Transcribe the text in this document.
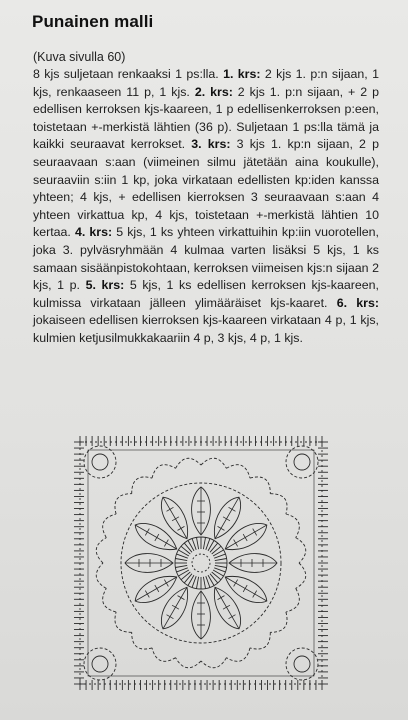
Punainen malli
(Kuva sivulla 60)
8 kjs suljetaan renkaaksi 1 ps:lla. 1. krs: 2 kjs 1. p:n sijaan, 1 kjs, renkaaseen 11 p, 1 kjs. 2. krs: 2 kjs 1. p:n sijaan, + 2 p edellisen kerroksen kjs-kaareen, 1 p edellisenkerroksen p:een, toistetaan +-merkistä lähtien (36 p). Suljetaan 1 ps:lla tämä ja kaikki seuraavat kerrokset. 3. krs: 3 kjs 1. kp:n sijaan, 2 p seuraavaan s:aan (viimeinen silmu jätetään aina koukulle), seuraaviin s:iin 1 kp, joka virkataan edellisten kp:iden kanssa yhteen; 4 kjs, + edellisen kierroksen 3 seuraavaan s:aan 4 yhteen virkattua kp, 4 kjs, toistetaan +-merkistä lähtien 10 kertaa. 4. krs: 5 kjs, 1 ks yhteen virkattuihin kp:iin vuorotellen, joka 3. pylväsryhmään 4 kulmaa varten lisäksi 5 kjs, 1 ks samaan sisäänpistokohtaan, kerroksen viimeisen kjs:n sijaan 2 kjs, 1 p. 5. krs: 5 kjs, 1 ks edellisen kerroksen kjs-kaareen, kulmissa virkataan jälleen ylimääräiset kjs-kaaret. 6. krs: jokaiseen edellisen kierroksen kjs-kaareen virkataan 4 p, 1 kjs, kulmien ketjusilmukkakaariin 4 p, 3 kjs, 4 p, 1 kjs.
